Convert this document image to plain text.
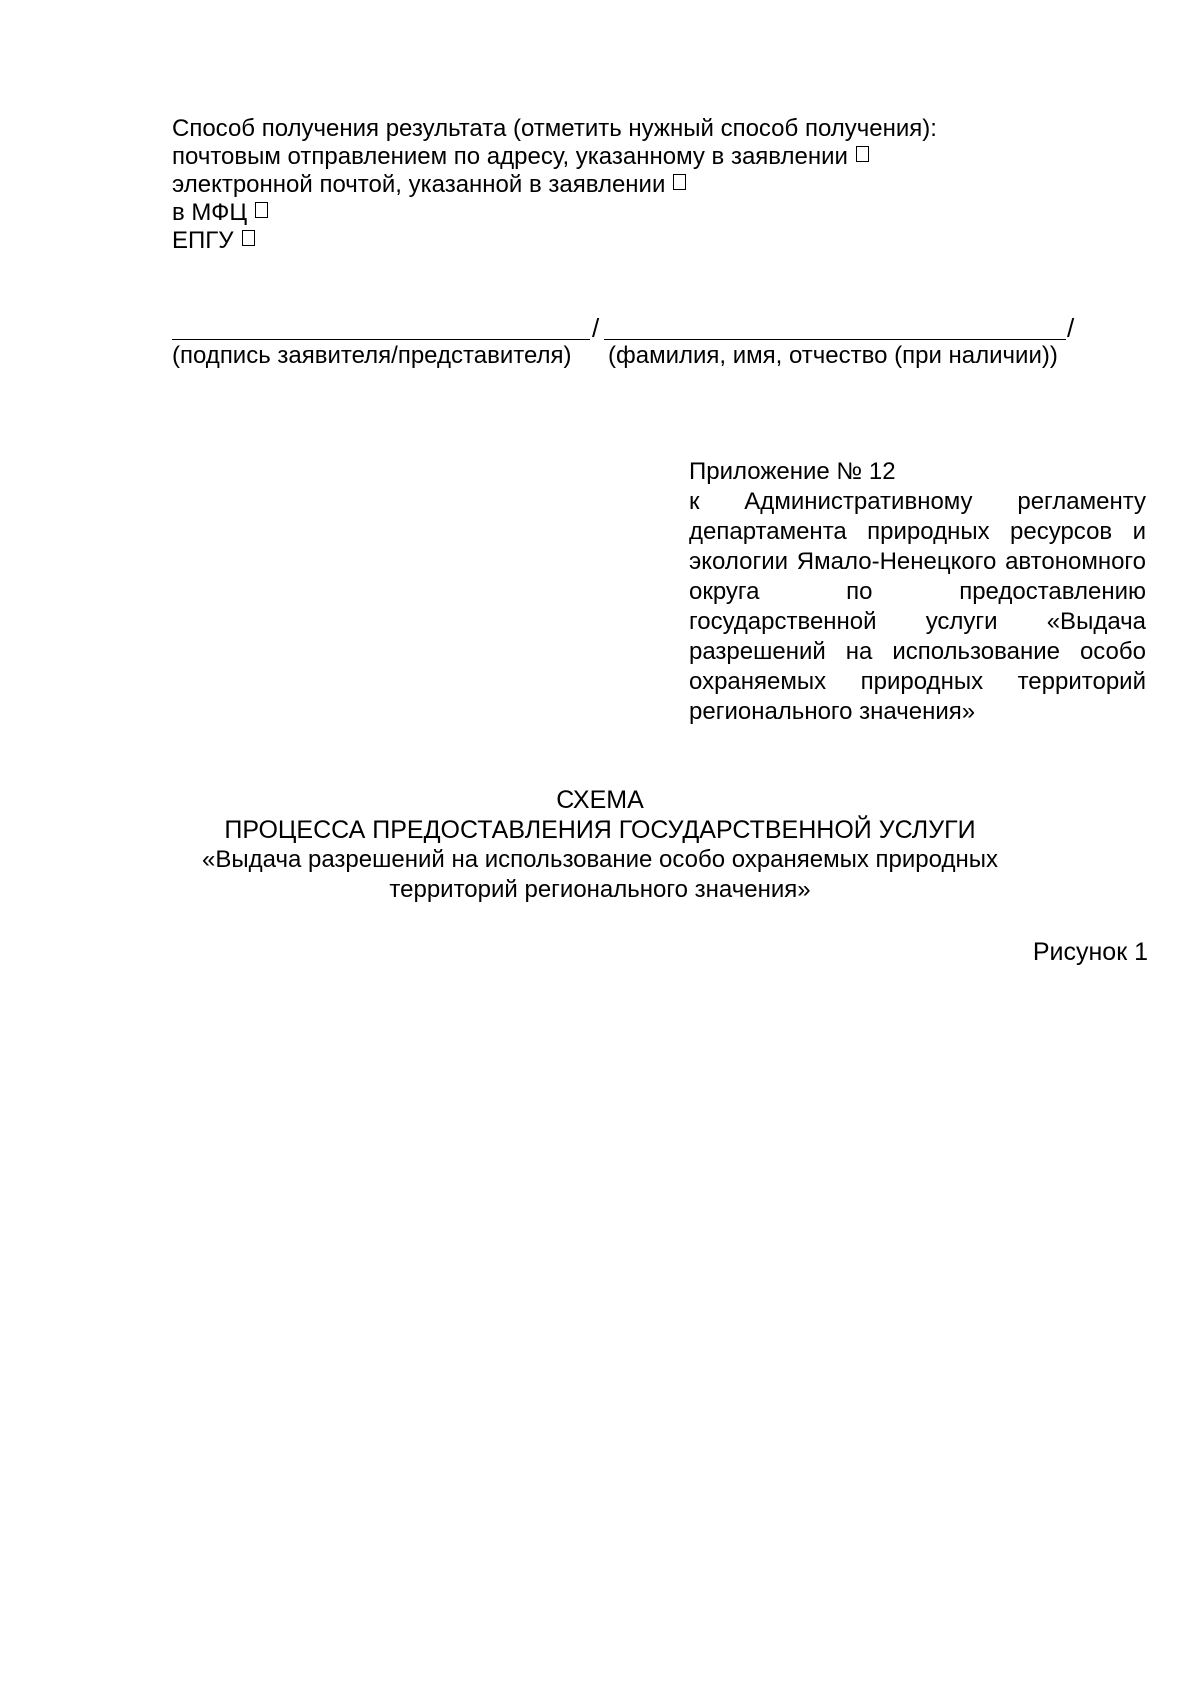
Способ получения результата (отметить нужный способ получения):
почтовым отправлением по адресу, указанному в заявлении
электронной почтой, указанной в заявлении
в МФЦ
ЕПГУ
/	/
(подпись заявителя/представителя) (фамилия, имя, отчество (при наличии))
Приложение № 12
к Административному регламенту департамента природных ресурсов и экологии Ямало-Ненецкого автономного округа по предоставлению государственной услуги «Выдача разрешений на использование особо охраняемых природных территорий регионального значения»
СХЕМА
ПРОЦЕССА ПРЕДОСТАВЛЕНИЯ ГОСУДАРСТВЕННОЙ УСЛУГИ
«Выдача разрешений на использование особо охраняемых природных
территорий регионального значения»
Рисунок 1
